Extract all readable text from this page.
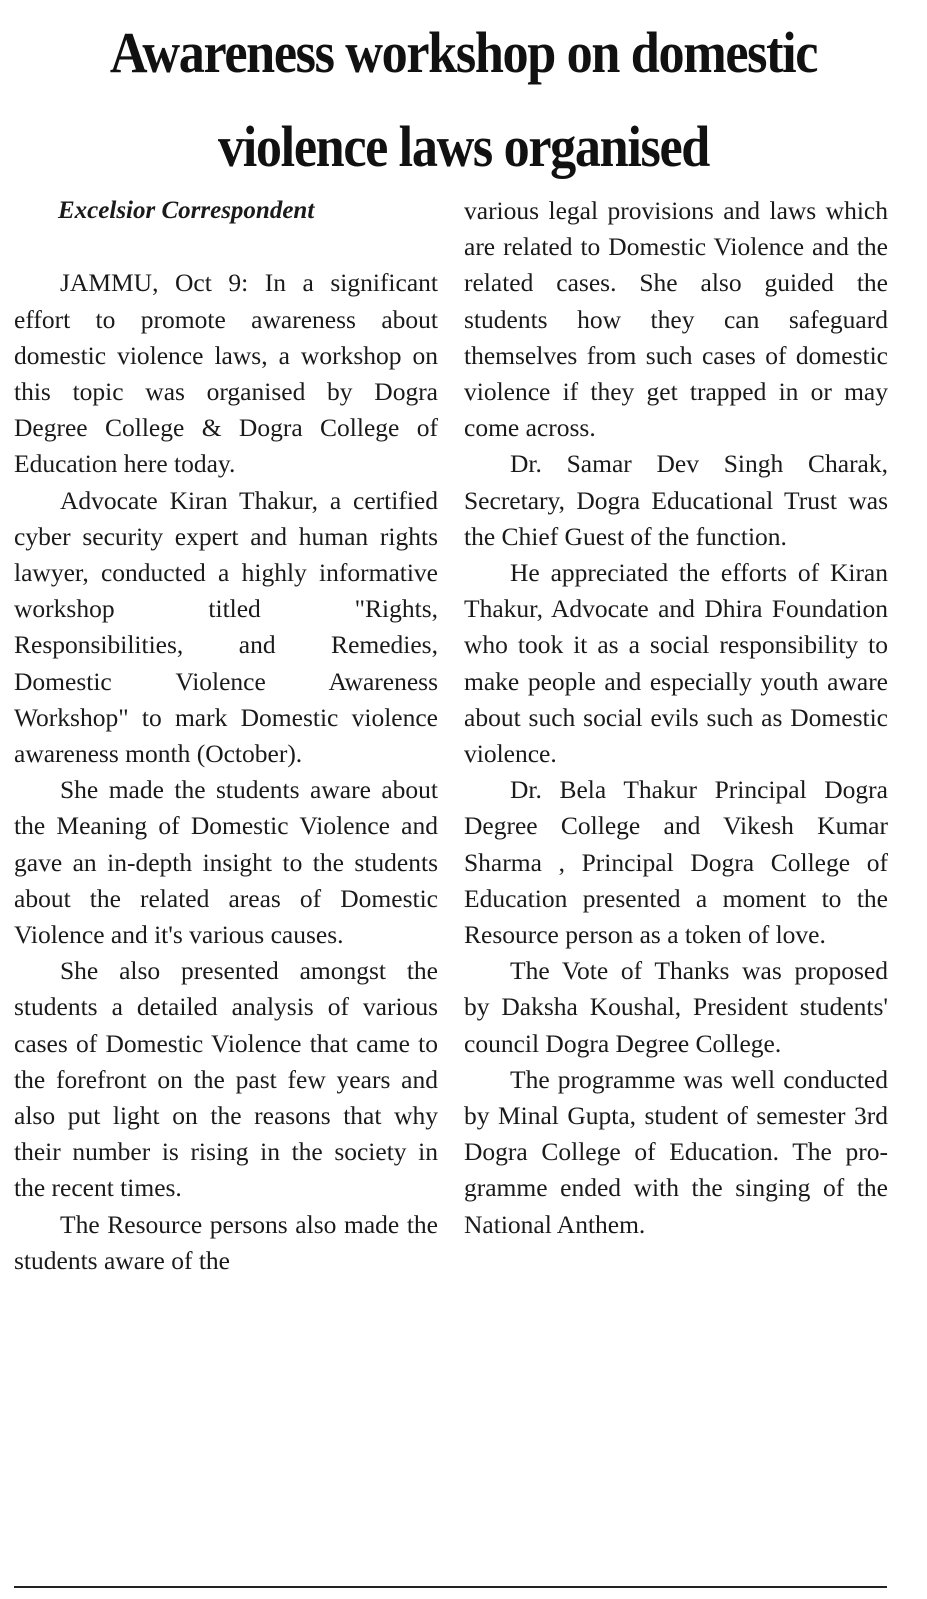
Awareness workshop on domestic violence laws organised
Excelsior Correspondent

JAMMU, Oct 9: In a significant effort to promote awareness about domestic violence laws, a workshop on this topic was organised by Dogra Degree College & Dogra College of Education here today.

Advocate Kiran Thakur, a certified cyber security expert and human rights lawyer, conducted a highly informative workshop titled "Rights, Responsibilities, and Remedies, Domestic Violence Awareness Workshop" to mark Domestic violence awareness month (October).

She made the students aware about the Meaning of Domestic Violence and gave an in-depth insight to the students about the related areas of Domestic Violence and it's various causes.

She also presented amongst the students a detailed analysis of various cases of Domestic Violence that came to the forefront on the past few years and also put light on the reasons that why their number is rising in the society in the recent times.

The Resource persons also made the students aware of the

various legal provisions and laws which are related to Domestic Violence and the related cases. She also guided the students how they can safeguard themselves from such cases of domestic violence if they get trapped in or may come across.

Dr. Samar Dev Singh Charak, Secretary, Dogra Educational Trust was the Chief Guest of the function.

He appreciated the efforts of Kiran Thakur, Advocate and Dhira Foundation who took it as a social responsibility to make people and especially youth aware about such social evils such as Domestic violence.

Dr. Bela Thakur Principal Dogra Degree College and Vikesh Kumar Sharma , Principal Dogra College of Education presented a moment to the Resource person as a token of love.

The Vote of Thanks was proposed by Daksha Koushal, President students' council Dogra Degree College.

The programme was well conducted by Minal Gupta, student of semester 3rd Dogra College of Education. The programme ended with the singing of the National Anthem.
